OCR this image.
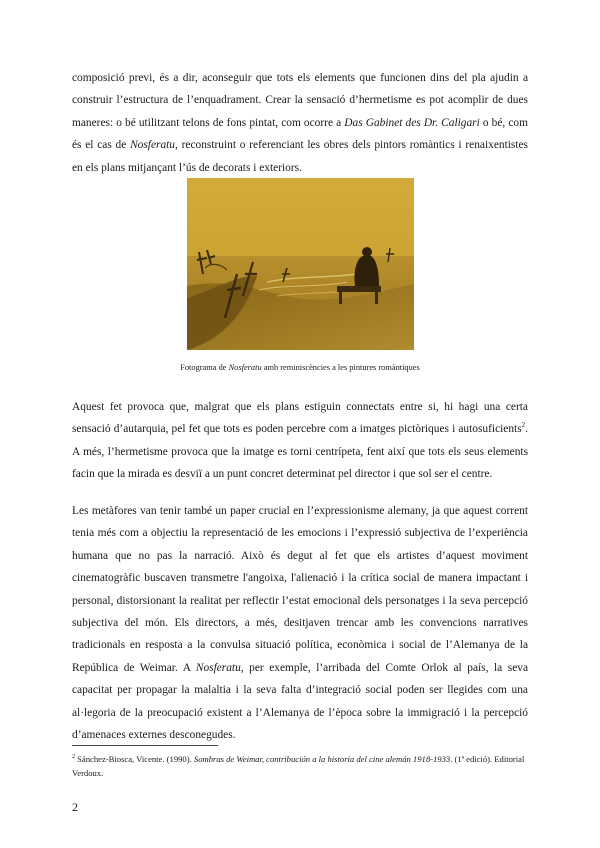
composició previ, és a dir, aconseguir que tots els elements que funcionen dins del pla ajudin a construir l’estructura de l’enquadrament. Crear la sensació d’hermetisme es pot acomplir de dues maneres: o bé utilitzant telons de fons pintat, com ocorre a Das Gabinet des Dr. Caligari o bé, com és el cas de Nosferatu, reconstruint o referenciant les obres dels pintors romàntics i renaixentistes en els plans mitjançant l’ús de decorats i exteriors.

Fotograma de Nosferatu amb reminiscències a les pintures romàntiques

Aquest fet provoca que, malgrat que els plans estiguin connectats entre si, hi hagi una certa sensació d’autarquia, pel fet que tots es poden percebre com a imatges pictòriques i autosuficients$^2$. A més, l’hermetisme provoca que la imatge es torni centrípeta, fent així que tots els seus elements facin que la mirada es desviï a un punt concret determinat pel director i que sol ser el centre.

Les metàfores van tenir també un paper crucial en l’expressionisme alemany, ja que aquest corrent tenia més com a objectiu la representació de les emocions i l’expressió subjectiva de l’experiència humana que no pas la narració. Això és degut al fet que els artistes d’aquest moviment cinematogràfic buscaven transmetre l'angoixa, l'alienació i la crítica social de manera impactant i personal, distorsionant la realitat per reflectir l’estat emocional dels personatges i la seva percepció subjectiva del món. Els directors, a més, desitjaven trencar amb les convencions narratives tradicionals en resposta a la convulsa situació política, econòmica i social de l’Alemanya de la República de Weimar. A Nosferatu, per exemple, l’arribada del Comte Orlok al país, la seva capacitat per propagar la malaltia i la seva falta d’integració social poden ser llegides com una al·legoria de la preocupació existent a l’Alemanya de l’època sobre la immigració i la percepció d’amenaces externes desconegudes.

$^2$ Sánchez-Biosca, Vicente. (1990). Sombras de Weimar, contribución a la historia del cine alemán 1918-1933. (1ª edició). Editorial Verdoux.

2
